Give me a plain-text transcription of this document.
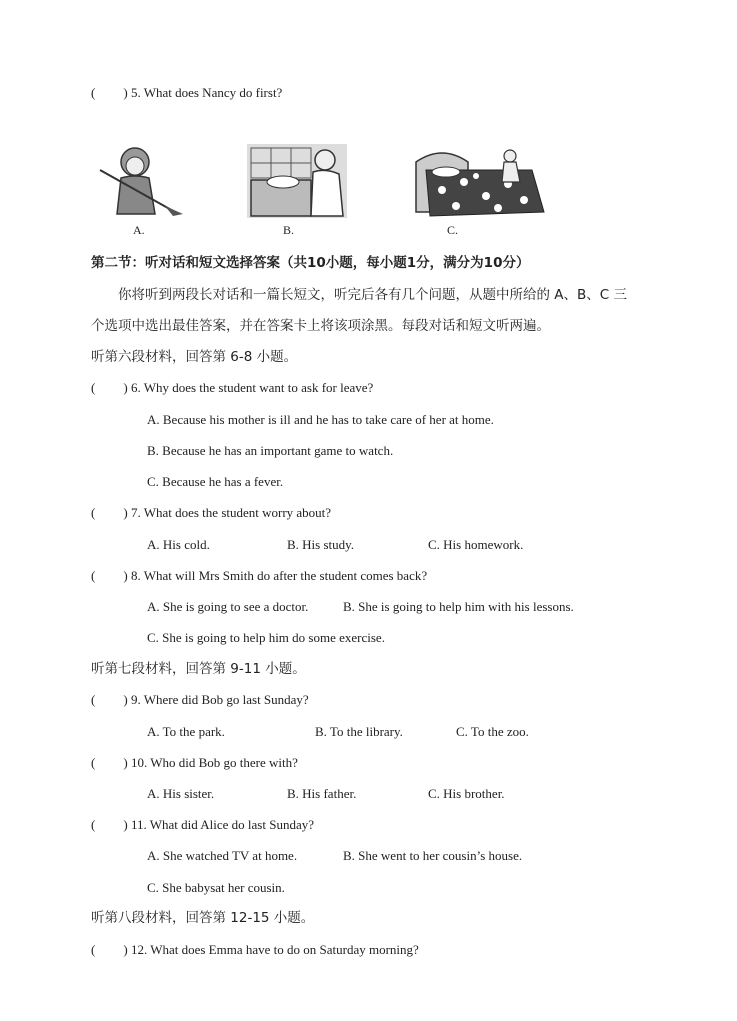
( ) 5. What does Nancy do first?
A.	B.	C.
第二节：听对话和短文选择答案（共10小题，每小题1分，满分为10分）
你将听到两段长对话和一篇长短文，听完后各有几个问题，从题中所给的 A、B、C 三
个选项中选出最佳答案，并在答案卡上将该项涂黑。每段对话和短文听两遍。
听第六段材料，回答第 6-8 小题。
( ) 6. Why does the student want to ask for leave?
A. Because his mother is ill and he has to take care of her at home.
B. Because he has an important game to watch.
C. Because he has a fever.
( ) 7. What does the student worry about?
A. His cold.	B. His study.	C. His homework.
( ) 8. What will Mrs Smith do after the student comes back?
A. She is going to see a doctor.	B. She is going to help him with his lessons.
C. She is going to help him do some exercise.
听第七段材料，回答第 9-11 小题。
( ) 9. Where did Bob go last Sunday?
A. To the park.	B. To the library.	C. To the zoo.
( ) 10. Who did Bob go there with?
A. His sister.	B. His father.	C. His brother.
( ) 11. What did Alice do last Sunday?
A. She watched TV at home.	B. She went to her cousin’s house.
C. She babysat her cousin.
听第八段材料，回答第 12-15 小题。
( ) 12. What does Emma have to do on Saturday morning?
